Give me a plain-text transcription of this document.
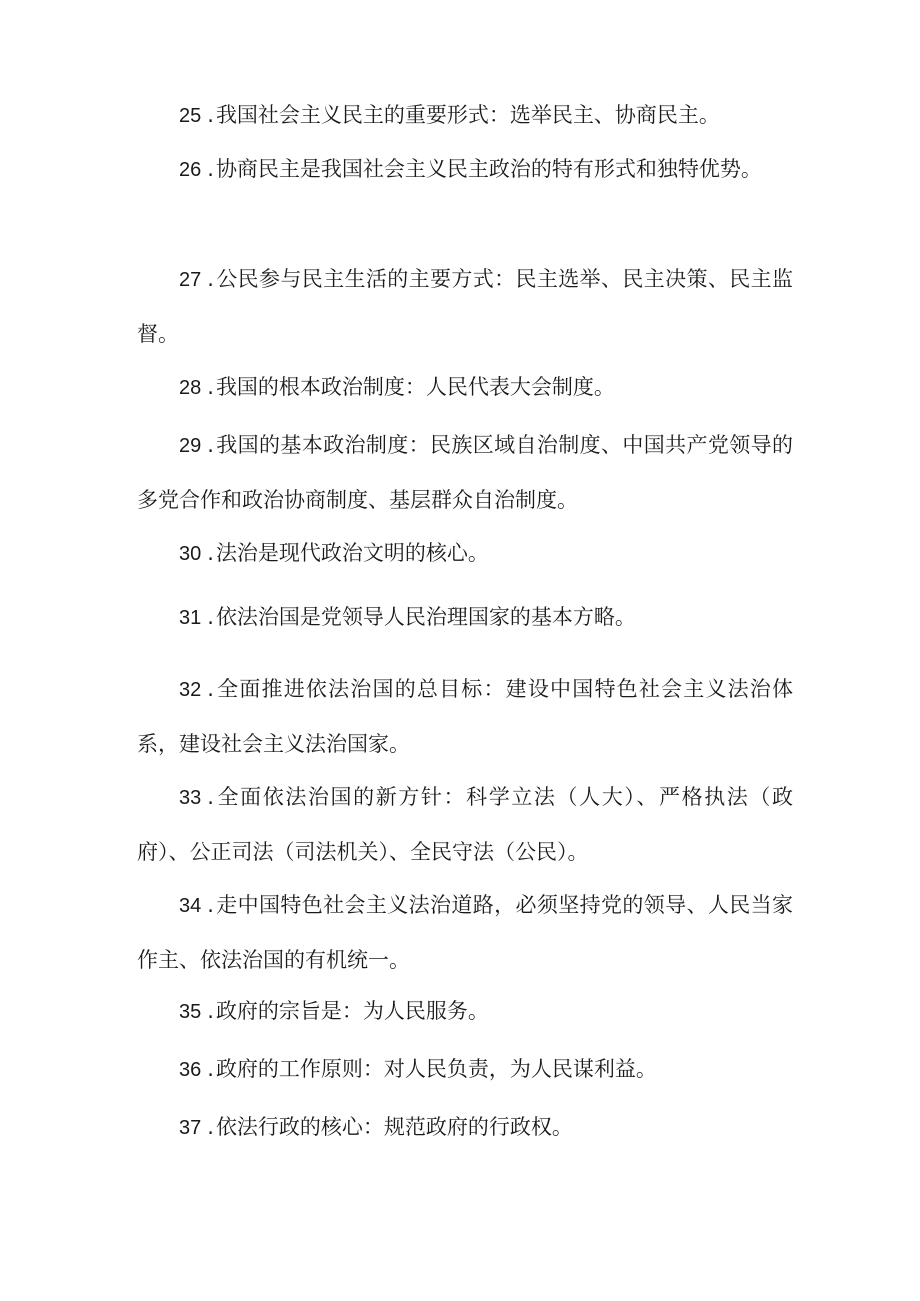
25 .我国社会主义民主的重要形式：选举民主、协商民主。

26 .协商民主是我国社会主义民主政治的特有形式和独特优势。

27 .公民参与民主生活的主要方式：民主选举、民主决策、民主监督。

28 .我国的根本政治制度：人民代表大会制度。

29 .我国的基本政治制度：民族区域自治制度、中国共产党领导的多党合作和政治协商制度、基层群众自治制度。

30 .法治是现代政治文明的核心。

31 .依法治国是党领导人民治理国家的基本方略。

32 .全面推进依法治国的总目标：建设中国特色社会主义法治体系，建设社会主义法治国家。

33 .全面依法治国的新方针：科学立法（人大）、严格执法（政府）、公正司法（司法机关）、全民守法（公民）。

34 .走中国特色社会主义法治道路，必须坚持党的领导、人民当家作主、依法治国的有机统一。

35 .政府的宗旨是：为人民服务。

36 .政府的工作原则：对人民负责，为人民谋利益。

37 .依法行政的核心：规范政府的行政权。
